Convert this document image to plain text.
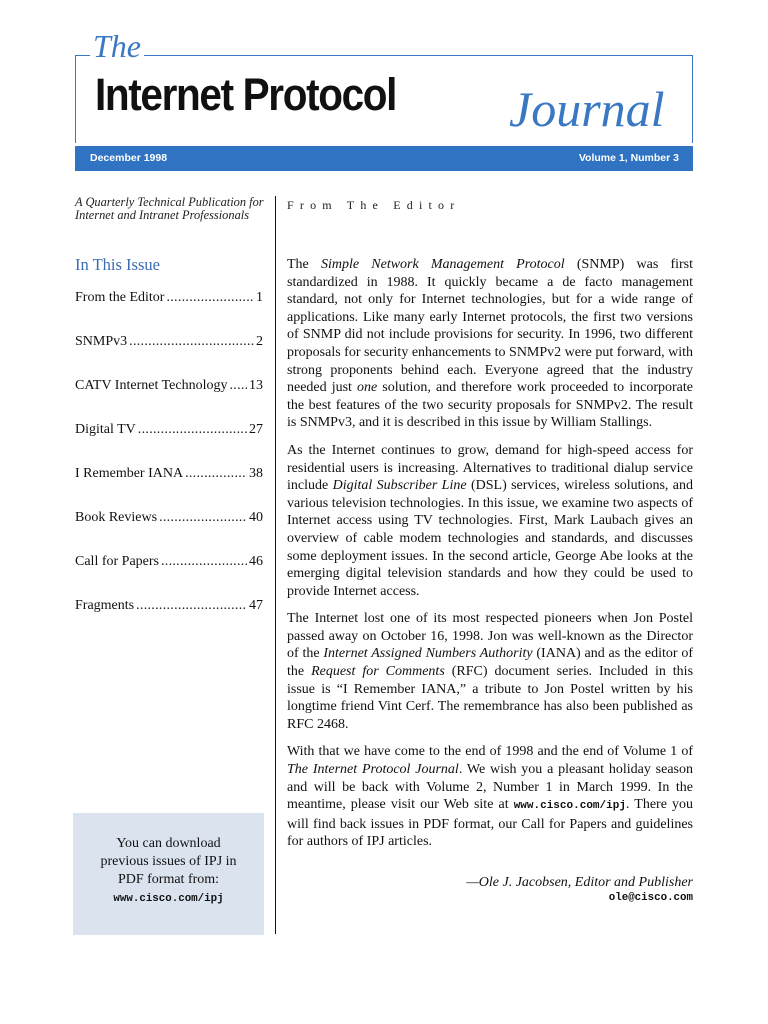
The
Internet Protocol Journal
December 1998	Volume 1, Number 3
A Quarterly Technical Publication for Internet and Intranet Professionals
In This Issue
From the Editor .....	1
SNMPv3 .....	2
CATV Internet Technology ..... 13
Digital TV .....	27
I Remember IANA .....	38
Book Reviews .....	40
Call for Papers .....	46
Fragments .....	47
You can download
previous issues of IPJ in
PDF format from:
www.cisco.com/ipj
From The Editor

The Simple Network Management Protocol (SNMP) was first standardized in 1988. It quickly became a de facto management standard, not only for Internet technologies, but for a wide range of applications. Like many early Internet protocols, the first two versions of SNMP did not include provisions for security. In 1996, two different proposals for security enhancements to SNMPv2 were put forward, with strong proponents behind each. Everyone agreed that the industry needed just one solution, and therefore work proceeded to incorporate the best features of the two security proposals for SNMPv2. The result is SNMPv3, and it is described in this issue by William Stallings.

As the Internet continues to grow, demand for high-speed access for residential users is increasing. Alternatives to traditional dialup service include Digital Subscriber Line (DSL) services, wireless solutions, and various television technologies. In this issue, we examine two aspects of Internet access using TV technologies. First, Mark Laubach gives an overview of cable modem technologies and standards, and discusses some deployment issues. In the second article, George Abe looks at the emerging digital television standards and how they could be used to provide Internet access.

The Internet lost one of its most respected pioneers when Jon Postel passed away on October 16, 1998. Jon was well-known as the Director of the Internet Assigned Numbers Authority (IANA) and as the editor of the Request for Comments (RFC) document series. Included in this issue is “I Remember IANA,” a tribute to Jon Postel written by his longtime friend Vint Cerf. The remembrance has also been published as RFC 2468.

With that we have come to the end of 1998 and the end of Volume 1 of The Internet Protocol Journal. We wish you a pleasant holiday season and will be back with Volume 2, Number 1 in March 1999. In the meantime, please visit our Web site at www.cisco.com/ipj. There you will find back issues in PDF format, our Call for Papers and guidelines for authors of IPJ articles.

—Ole J. Jacobsen, Editor and Publisher
ole@cisco.com
